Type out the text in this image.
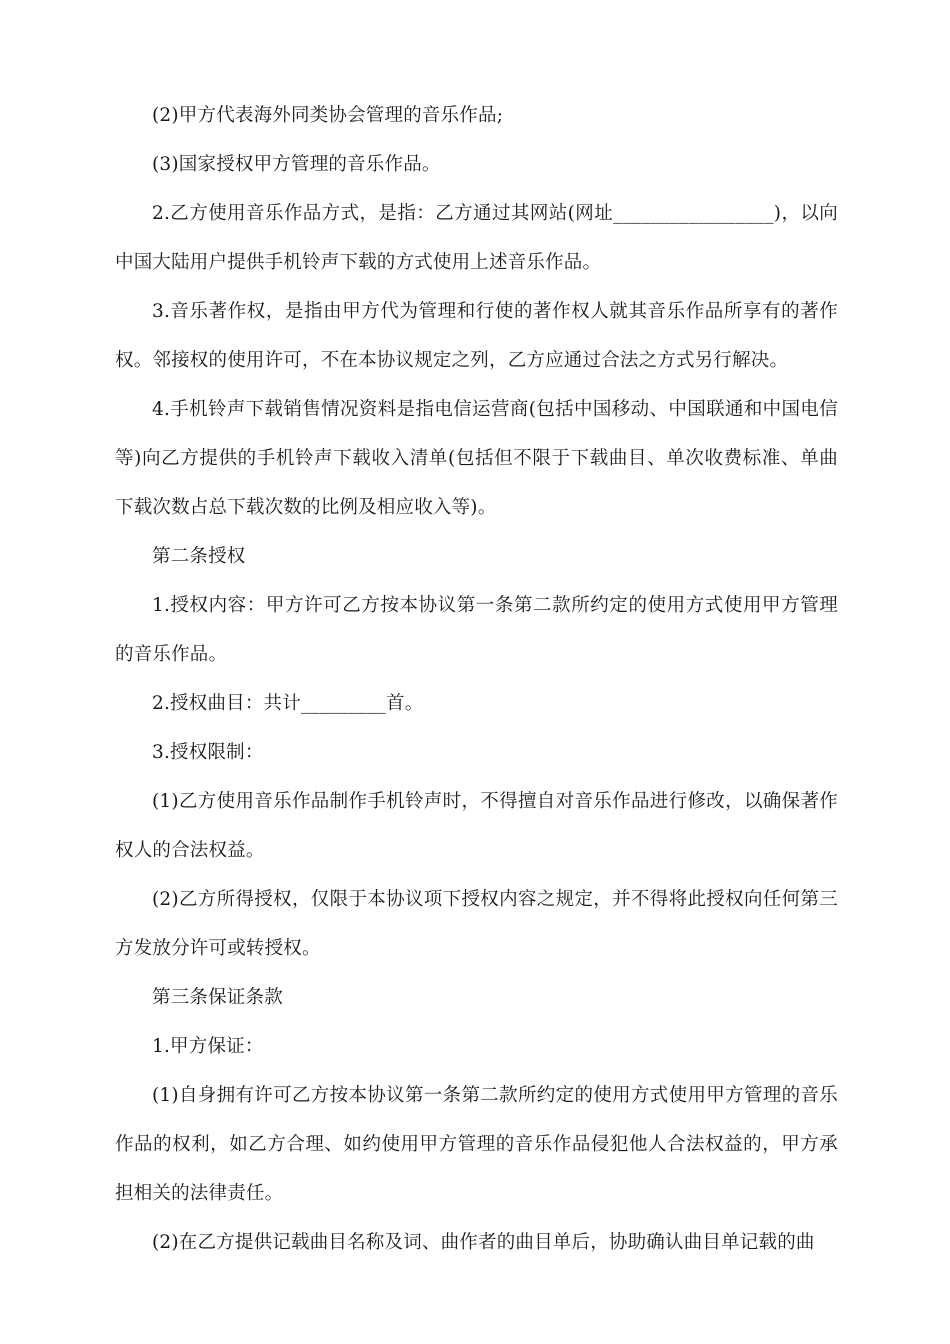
(2)甲方代表海外同类协会管理的音乐作品;

(3)国家授权甲方管理的音乐作品。

2.乙方使用音乐作品方式，是指：乙方通过其网站(网址_________________)，以向中国大陆用户提供手机铃声下载的方式使用上述音乐作品。

3.音乐著作权，是指由甲方代为管理和行使的著作权人就其音乐作品所享有的著作权。邻接权的使用许可，不在本协议规定之列，乙方应通过合法之方式另行解决。

4.手机铃声下载销售情况资料是指电信运营商(包括中国移动、中国联通和中国电信等)向乙方提供的手机铃声下载收入清单(包括但不限于下载曲目、单次收费标准、单曲下载次数占总下载次数的比例及相应收入等)。

第二条授权

1.授权内容：甲方许可乙方按本协议第一条第二款所约定的使用方式使用甲方管理的音乐作品。

2.授权曲目：共计_________首。

3.授权限制：

(1)乙方使用音乐作品制作手机铃声时，不得擅自对音乐作品进行修改，以确保著作权人的合法权益。

(2)乙方所得授权，仅限于本协议项下授权内容之规定，并不得将此授权向任何第三方发放分许可或转授权。

第三条保证条款

1.甲方保证：

(1)自身拥有许可乙方按本协议第一条第二款所约定的使用方式使用甲方管理的音乐作品的权利，如乙方合理、如约使用甲方管理的音乐作品侵犯他人合法权益的，甲方承担相关的法律责任。

(2)在乙方提供记载曲目名称及词、曲作者的曲目单后，协助确认曲目单记载的曲
